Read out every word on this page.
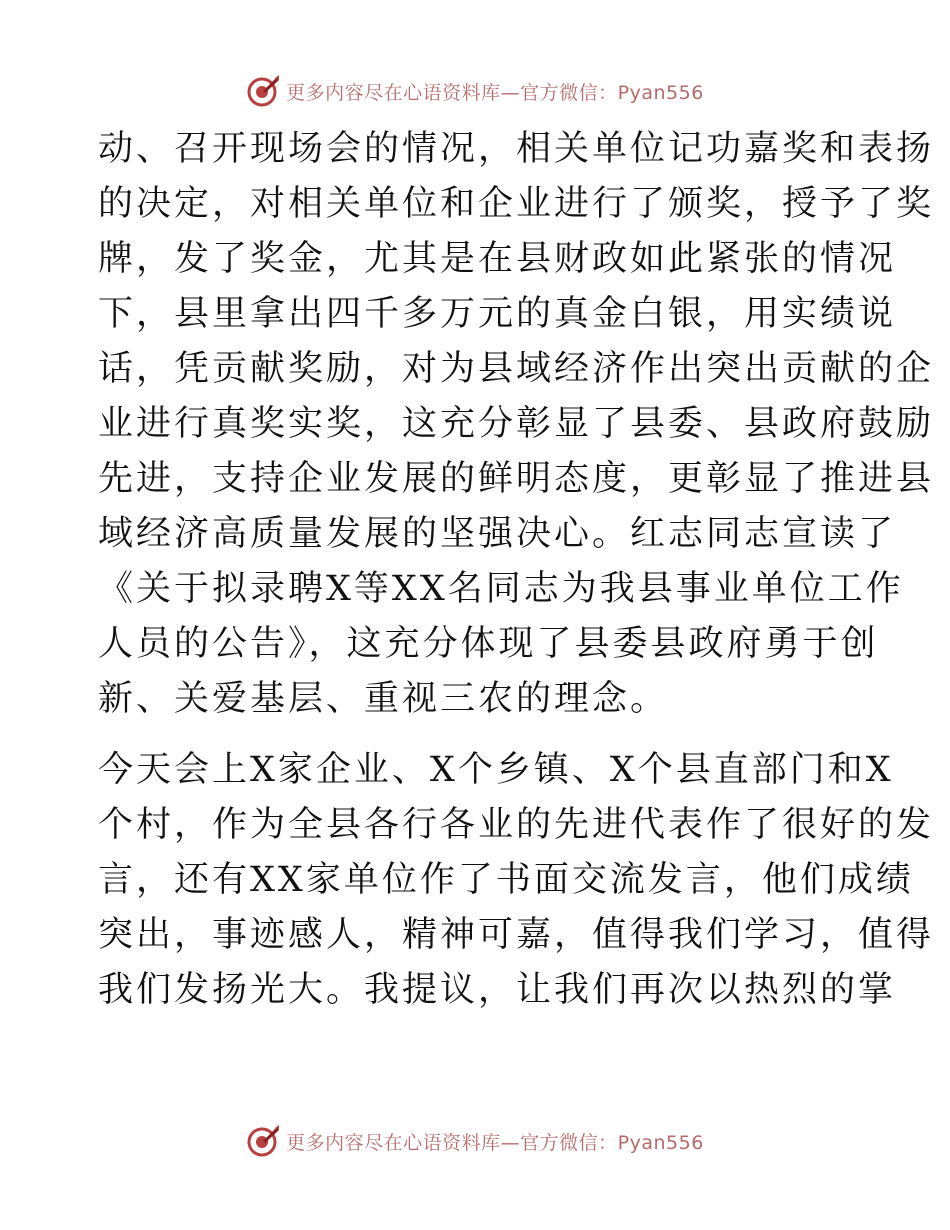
更多内容尽在心语资料库—官方微信：Pyan556
动、召开现场会的情况，相关单位记功嘉奖和表扬
的决定，对相关单位和企业进行了颁奖，授予了奖
牌，发了奖金，尤其是在县财政如此紧张的情况
下，县里拿出四千多万元的真金白银，用实绩说
话，凭贡献奖励，对为县域经济作出突出贡献的企
业进行真奖实奖，这充分彰显了县委、县政府鼓励
先进，支持企业发展的鲜明态度，更彰显了推进县
域经济高质量发展的坚强决心。红志同志宣读了
《关于拟录聘X等XX名同志为我县事业单位工作
人员的公告》，这充分体现了县委县政府勇于创
新、关爱基层、重视三农的理念。
今天会上X家企业、X个乡镇、X个县直部门和X
个村，作为全县各行各业的先进代表作了很好的发
言，还有XX家单位作了书面交流发言，他们成绩
突出，事迹感人，精神可嘉，值得我们学习，值得
我们发扬光大。我提议，让我们再次以热烈的掌
更多内容尽在心语资料库—官方微信：Pyan556
